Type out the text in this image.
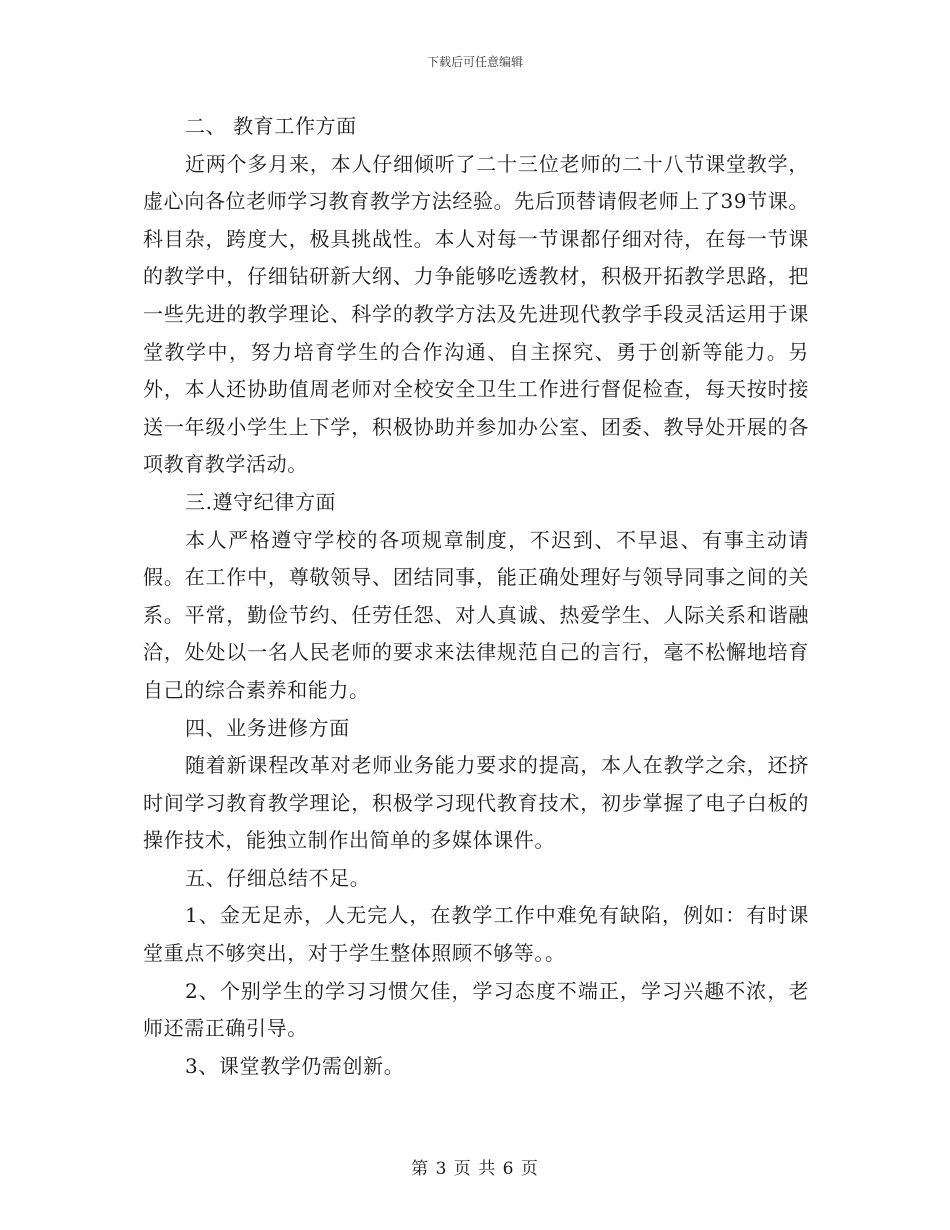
下载后可任意编辑

二、 教育工作方面

近两个多月来，本人仔细倾听了二十三位老师的二十八节课堂教学，虚心向各位老师学习教育教学方法经验。先后顶替请假老师上了39节课。科目杂，跨度大，极具挑战性。本人对每一节课都仔细对待，在每一节课的教学中，仔细钻研新大纲、力争能够吃透教材，积极开拓教学思路，把一些先进的教学理论、科学的教学方法及先进现代教学手段灵活运用于课堂教学中，努力培育学生的合作沟通、自主探究、勇于创新等能力。另外，本人还协助值周老师对全校安全卫生工作进行督促检查，每天按时接送一年级小学生上下学，积极协助并参加办公室、团委、教导处开展的各项教育教学活动。

三.遵守纪律方面

本人严格遵守学校的各项规章制度，不迟到、不早退、有事主动请假。在工作中，尊敬领导、团结同事，能正确处理好与领导同事之间的关系。平常，勤俭节约、任劳任怨、对人真诚、热爱学生、人际关系和谐融洽，处处以一名人民老师的要求来法律规范自己的言行，毫不松懈地培育自己的综合素养和能力。

四、业务进修方面

随着新课程改革对老师业务能力要求的提高，本人在教学之余，还挤时间学习教育教学理论，积极学习现代教育技术，初步掌握了电子白板的操作技术，能独立制作出简单的多媒体课件。

五、仔细总结不足。

1、金无足赤，人无完人，在教学工作中难免有缺陷，例如：有时课堂重点不够突出，对于学生整体照顾不够等。。

2、个别学生的学习习惯欠佳，学习态度不端正，学习兴趣不浓，老师还需正确引导。

3、课堂教学仍需创新。

第 3 页 共 6 页
